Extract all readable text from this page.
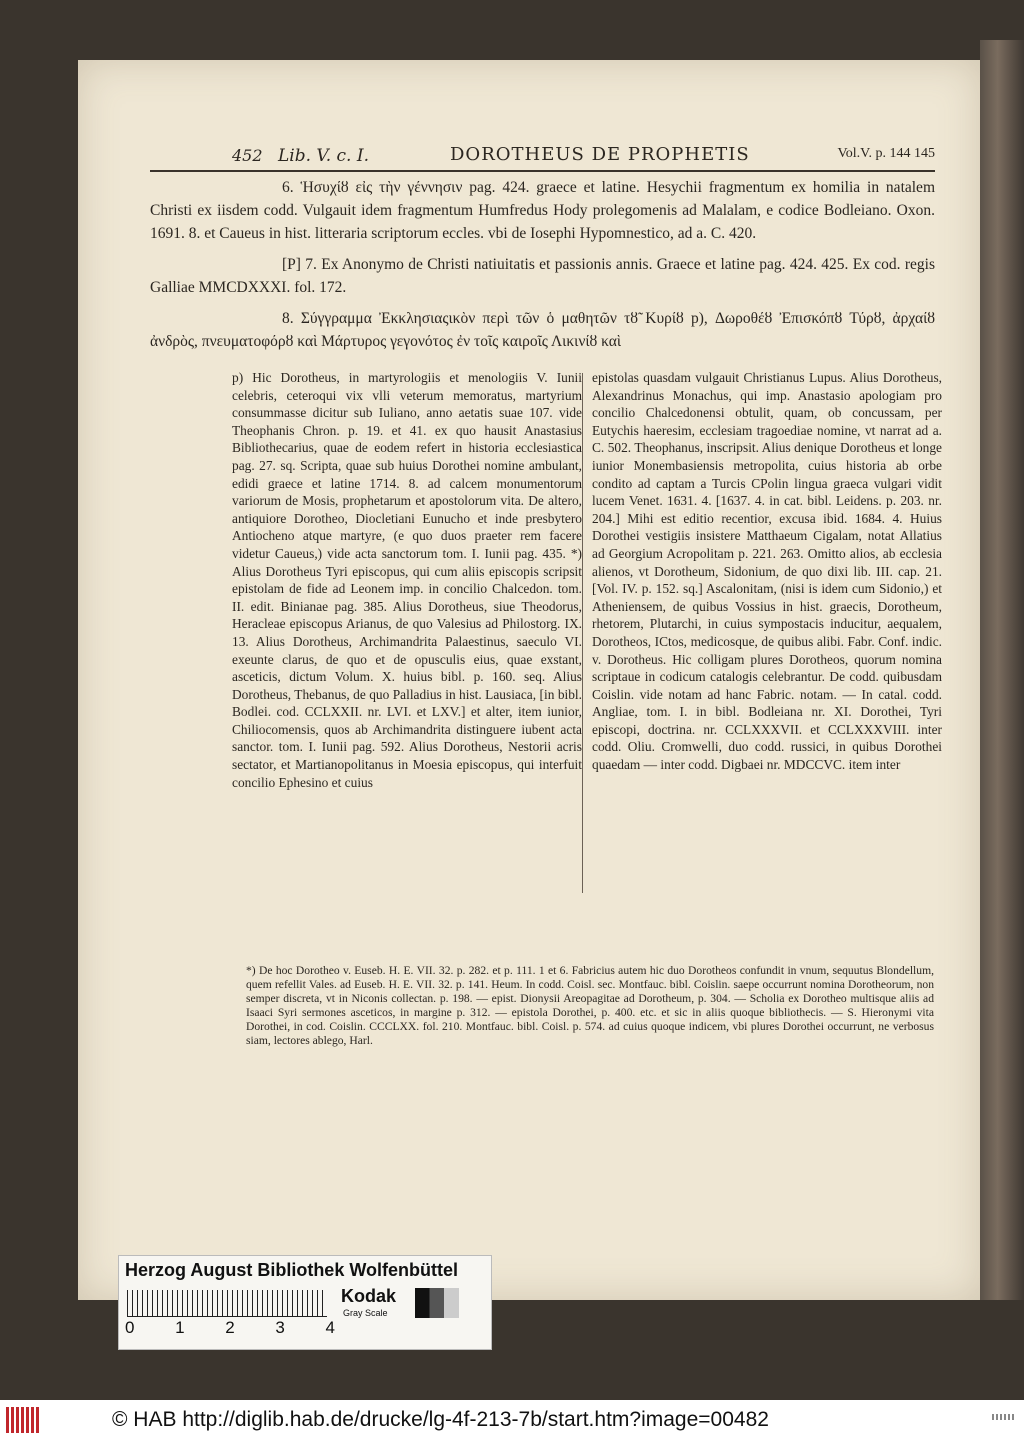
452 Lib. V. c. I.	DOROTHEUS DE PROPHETIS	Vol.V. p. 144 145

6. Ἡσυχίȣ εἰς τὴν γέννησιν pag. 424. graece et latine. Hesychii fragmentum ex homilia in natalem Christi ex iisdem codd. Vulgauit idem fragmentum Humfredus Hody prolegomenis ad Malalam, e codice Bodleiano. Oxon. 1691. 8. et Caueus in hist. litteraria scriptorum eccles. vbi de Iosephi Hypomnestico, ad a. C. 420.

[P] 7. Ex Anonymo de Christi natiuitatis et passionis annis. Graece et latine pag. 424. 425. Ex cod. regis Galliae MMCDXXXI. fol. 172.

8. Σύγγραμμα Ἐκκλησιαςικὸν περὶ τῶν ὁ μαθητῶν τȣ̃ Κυρίȣ p), Δωροθέȣ Ἐπισκόπȣ Τύρȣ, ἀρχαίȣ ἀνδρὸς, πνευματοφόρȣ καὶ Μάρτυρος γεγονότος ἐν τοῖς καιροῖς Λικινίȣ καὶ

p) Hic Dorotheus, in martyrologiis et menologiis V. Iunii celebris, ceteroqui vix vlli veterum memoratus, martyrium consummasse dicitur sub Iuliano, anno aetatis suae 107. vide Theophanis Chron. p. 19. et 41. ex quo hausit Anastasius Bibliothecarius, quae de eodem refert in historia ecclesiastica pag. 27. sq. Scripta, quae sub huius Dorothei nomine ambulant, edidi graece et latine 1714. 8. ad calcem monumentorum variorum de Mosis, prophetarum et apostolorum vita. De altero, antiquiore Dorotheo, Diocletiani Eunucho et inde presbytero Antiocheno atque martyre, (e quo duos praeter rem facere videtur Caueus,) vide acta sanctorum tom. I. Iunii pag. 435. *) Alius Dorotheus Tyri episcopus, qui cum aliis episcopis scripsit epistolam de fide ad Leonem imp. in concilio Chalcedon. tom. II. edit. Binianae pag. 385. Alius Dorotheus, siue Theodorus, Heracleae episcopus Arianus, de quo Valesius ad Philostorg. IX. 13. Alius Dorotheus, Archimandrita Palaestinus, saeculo VI. exeunte clarus, de quo et de opusculis eius, quae exstant, asceticis, dictum Volum. X. huius bibl. p. 160. seq. Alius Dorotheus, Thebanus, de quo Palladius in hist. Lausiaca, [in bibl. Bodlei. cod. CCLXXII. nr. LVI. et LXV.] et alter, item iunior, Chiliocomensis, quos ab Archimandrita distinguere iubent acta sanctor. tom. I. Iunii pag. 592. Alius Dorotheus, Nestorii acris sectator, et Martianopolitanus in Moesia episcopus, qui interfuit concilio Ephesino et cuius

epistolas quasdam vulgauit Christianus Lupus. Alius Dorotheus, Alexandrinus Monachus, qui imp. Anastasio apologiam pro concilio Chalcedonensi obtulit, quam, ob concussam, per Eutychis haeresim, ecclesiam tragoediae nomine, vt narrat ad a. C. 502. Theophanus, inscripsit. Alius denique Dorotheus et longe iunior Monembasiensis metropolita, cuius historia ab orbe condito ad captam a Turcis CPolin lingua graeca vulgari vidit lucem Venet. 1631. 4. [1637. 4. in cat. bibl. Leidens. p. 203. nr. 204.] Mihi est editio recentior, excusa ibid. 1684. 4. Huius Dorothei vestigiis insistere Matthaeum Cigalam, notat Allatius ad Georgium Acropolitam p. 221. 263. Omitto alios, ab ecclesia alienos, vt Dorotheum, Sidonium, de quo dixi lib. III. cap. 21. [Vol. IV. p. 152. sq.] Ascalonitam, (nisi is idem cum Sidonio,) et Atheniensem, de quibus Vossius in hist. graecis, Dorotheum, rhetorem, Plutarchi, in cuius sympostacis inducitur, aequalem, Dorotheos, ICtos, medicosque, de quibus alibi. Fabr. Conf. indic. v. Dorotheus. Hic colligam plures Dorotheos, quorum nomina scriptaue in codicum catalogis celebrantur. De codd. quibusdam Coislin. vide notam ad hanc Fabric. notam. — In catal. codd. Angliae, tom. I. in bibl. Bodleiana nr. XI. Dorothei, Tyri episcopi, doctrina. nr. CCLXXXVII. et CCLXXXVIII. inter codd. Oliu. Cromwelli, duo codd. russici, in quibus Dorothei quaedam — inter codd. Digbaei nr. MDCCVC. item inter

*) De hoc Dorotheo v. Euseb. H. E. VII. 32. p. 282. et p. 111. 1 et 6. Fabricius autem hic duo Dorotheos confundit in vnum, sequutus Blondellum, quem refellit Vales. ad Euseb. H. E. VII. 32. p. 141. Heum. In codd. Coisl. sec. Montfauc. bibl. Coislin. saepe occurrunt nomina Dorotheorum, non semper discreta, vt in Niconis collectan. p. 198. — epist. Dionysii Areopagitae ad Dorotheum, p. 304. — Scholia ex Dorotheo multisque aliis ad Isaaci Syri sermones asceticos, in margine p. 312. — epistola Dorothei, p. 400. etc. et sic in aliis quoque bibliothecis. — S. Hieronymi vita Dorothei, in cod. Coislin. CCCLXX. fol. 210. Montfauc. bibl. Coisl. p. 574. ad cuius quoque indicem, vbi plures Dorothei occurrunt, ne verbosus siam, lectores ablego, Harl.

Herzog August Bibliothek Wolfenbüttel
0 1 2 3 4
Kodak
Gray Scale
© HAB http://diglib.hab.de/drucke/lg-4f-213-7b/start.htm?image=00482
